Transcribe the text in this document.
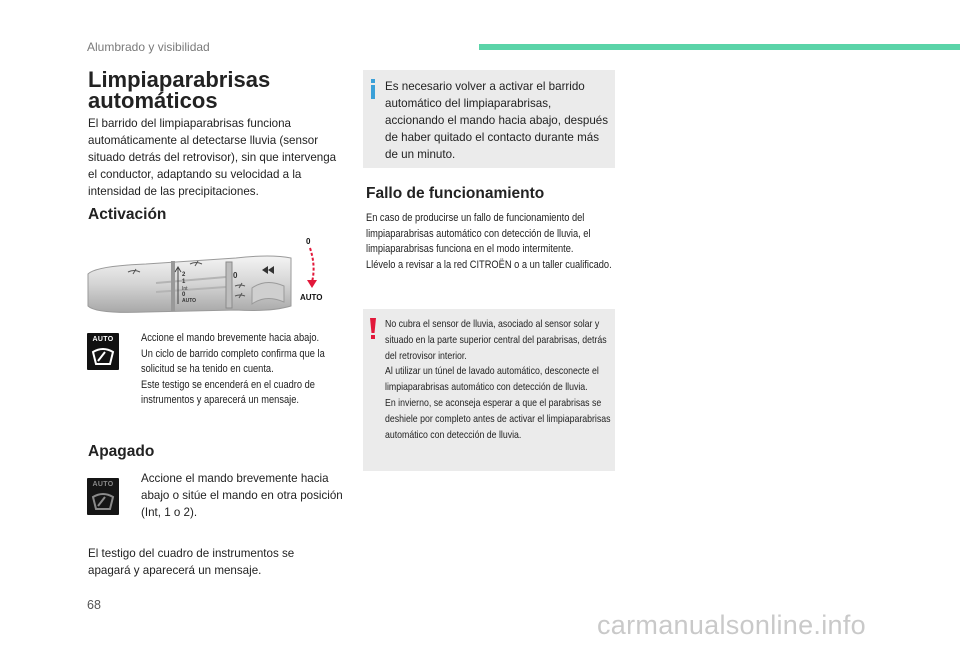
Alumbrado y visibilidad
Limpiaparabrisas
automáticos
El barrido del limpiaparabrisas funciona automáticamente al detectarse lluvia (sensor situado detrás del retrovisor), sin que intervenga el conductor, adaptando su velocidad a la intensidad de las precipitaciones.
Activación
2
1
Int
0
AUTO
0
0
AUTO
AUTO	Accione el mando brevemente hacia abajo.
Un ciclo de barrido completo confirma que la solicitud se ha tenido en cuenta.
Este testigo se encenderá en el cuadro de instrumentos y aparecerá un mensaje.
Apagado
AUTO	Accione el mando brevemente hacia abajo o sitúe el mando en otra posición (Int, 1 o 2).
El testigo del cuadro de instrumentos se apagará y aparecerá un mensaje.
Es necesario volver a activar el barrido automático del limpiaparabrisas, accionando el mando hacia abajo, después de haber quitado el contacto durante más de un minuto.
Fallo de funcionamiento
En caso de producirse un fallo de funcionamiento del limpiaparabrisas automático con detección de lluvia, el limpiaparabrisas funciona en el modo intermitente.
Llévelo a revisar a la red CITROËN o a un taller cualificado.
No cubra el sensor de lluvia, asociado al sensor solar y situado en la parte superior central del parabrisas, detrás del retrovisor interior.
Al utilizar un túnel de lavado automático, desconecte el limpiaparabrisas automático con detección de lluvia.
En invierno, se aconseja esperar a que el parabrisas se deshiele por completo antes de activar el limpiaparabrisas automático con detección de lluvia.
68
carmanualsonline.info
